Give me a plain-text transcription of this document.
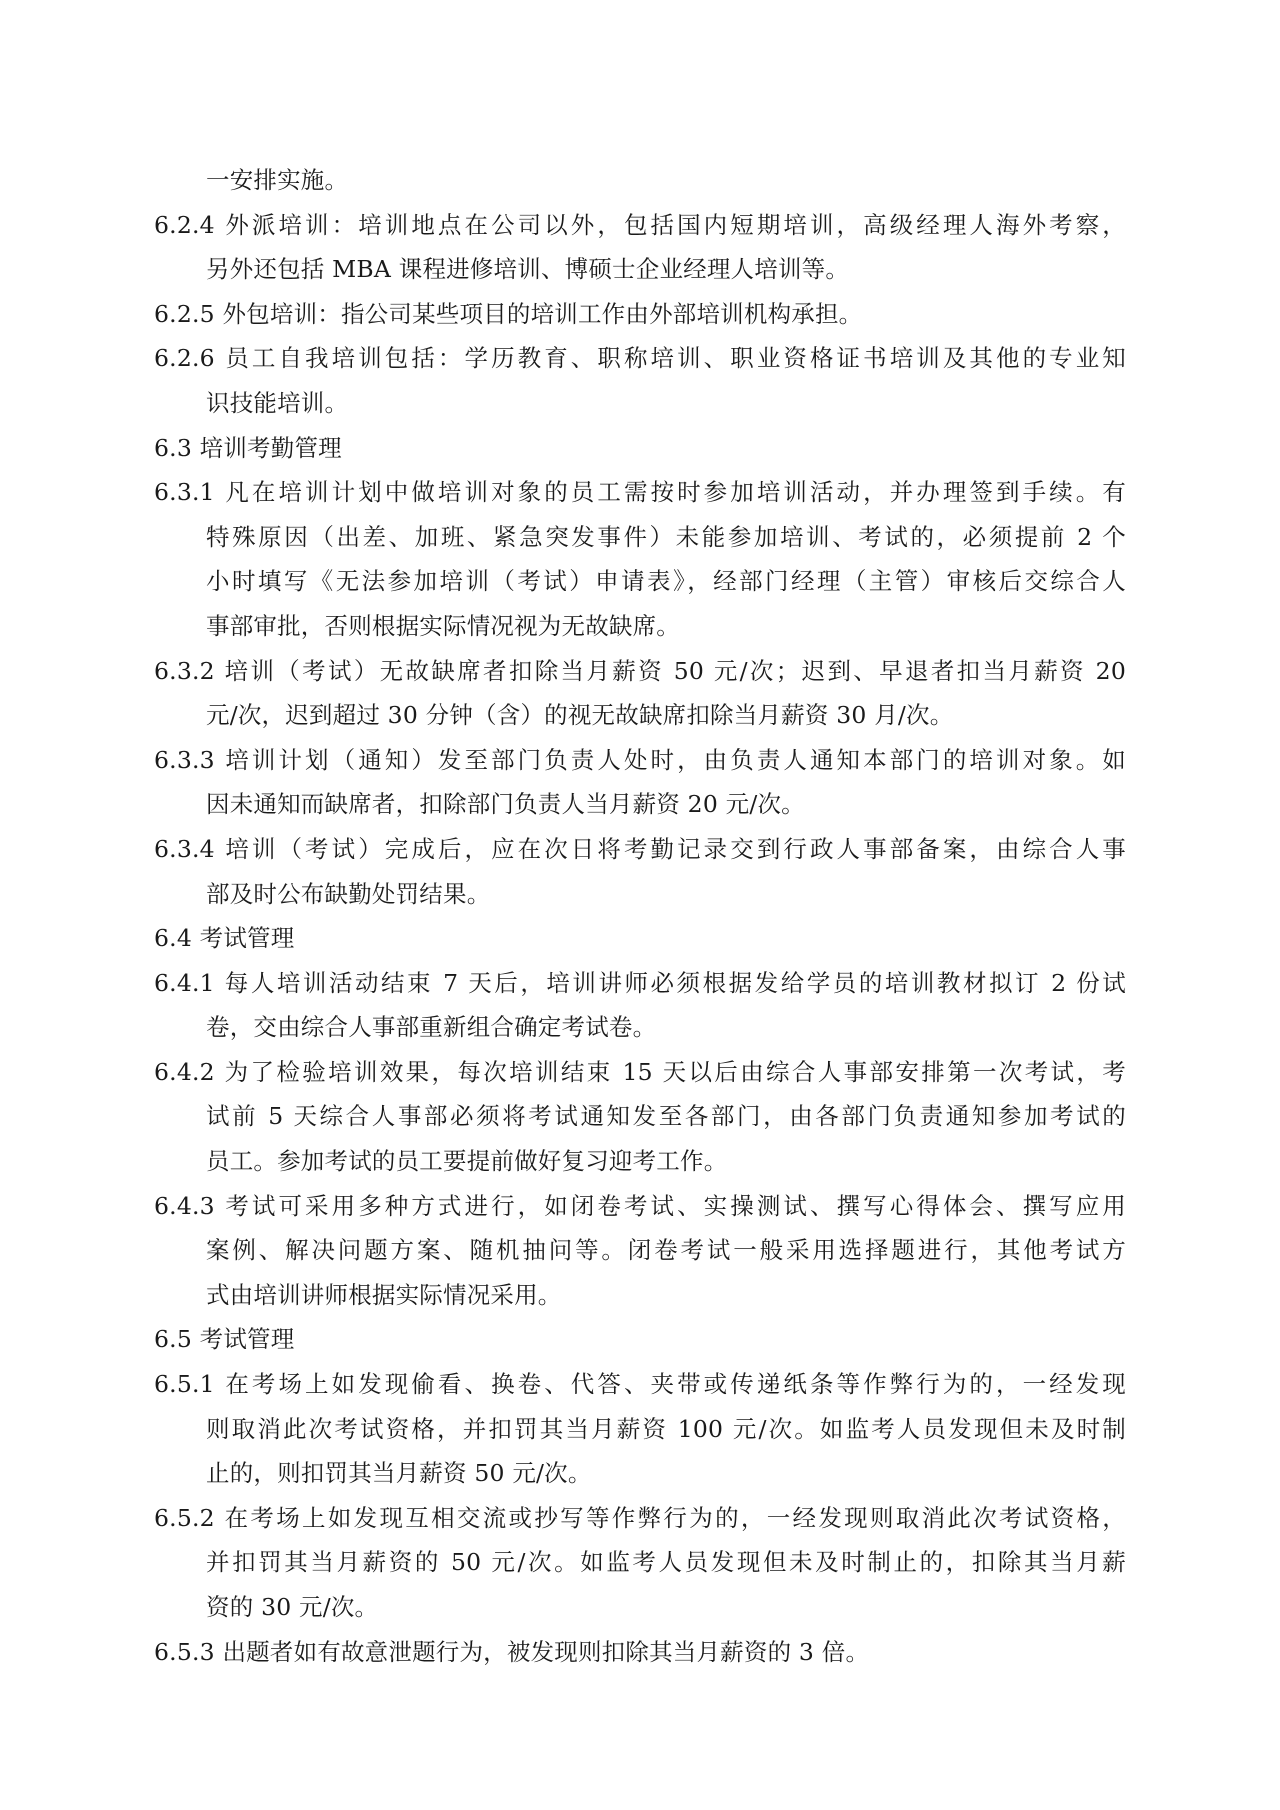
一安排实施。
6.2.4 外派培训：培训地点在公司以外，包括国内短期培训，高级经理人海外考察，
另外还包括 MBA 课程进修培训、博硕士企业经理人培训等。
6.2.5 外包培训：指公司某些项目的培训工作由外部培训机构承担。
6.2.6 员工自我培训包括：学历教育、职称培训、职业资格证书培训及其他的专业知
识技能培训。
6.3 培训考勤管理
6.3.1 凡在培训计划中做培训对象的员工需按时参加培训活动，并办理签到手续。有
特殊原因（出差、加班、紧急突发事件）未能参加培训、考试的，必须提前 2 个
小时填写《无法参加培训（考试）申请表》，经部门经理（主管）审核后交综合人
事部审批，否则根据实际情况视为无故缺席。
6.3.2 培训（考试）无故缺席者扣除当月薪资 50 元/次；迟到、早退者扣当月薪资 20
元/次，迟到超过 30 分钟（含）的视无故缺席扣除当月薪资 30 月/次。
6.3.3 培训计划（通知）发至部门负责人处时，由负责人通知本部门的培训对象。如
因未通知而缺席者，扣除部门负责人当月薪资 20 元/次。
6.3.4 培训（考试）完成后，应在次日将考勤记录交到行政人事部备案，由综合人事
部及时公布缺勤处罚结果。
6.4 考试管理
6.4.1 每人培训活动结束 7 天后，培训讲师必须根据发给学员的培训教材拟订 2 份试
卷，交由综合人事部重新组合确定考试卷。
6.4.2 为了检验培训效果，每次培训结束 15 天以后由综合人事部安排第一次考试，考
试前 5 天综合人事部必须将考试通知发至各部门，由各部门负责通知参加考试的
员工。参加考试的员工要提前做好复习迎考工作。
6.4.3 考试可采用多种方式进行，如闭卷考试、实操测试、撰写心得体会、撰写应用
案例、解决问题方案、随机抽问等。闭卷考试一般采用选择题进行，其他考试方
式由培训讲师根据实际情况采用。
6.5 考试管理
6.5.1 在考场上如发现偷看、换卷、代答、夹带或传递纸条等作弊行为的，一经发现
则取消此次考试资格，并扣罚其当月薪资 100 元/次。如监考人员发现但未及时制
止的，则扣罚其当月薪资 50 元/次。
6.5.2 在考场上如发现互相交流或抄写等作弊行为的，一经发现则取消此次考试资格，
并扣罚其当月薪资的 50 元/次。如监考人员发现但未及时制止的，扣除其当月薪
资的 30 元/次。
6.5.3 出题者如有故意泄题行为，被发现则扣除其当月薪资的 3 倍。
